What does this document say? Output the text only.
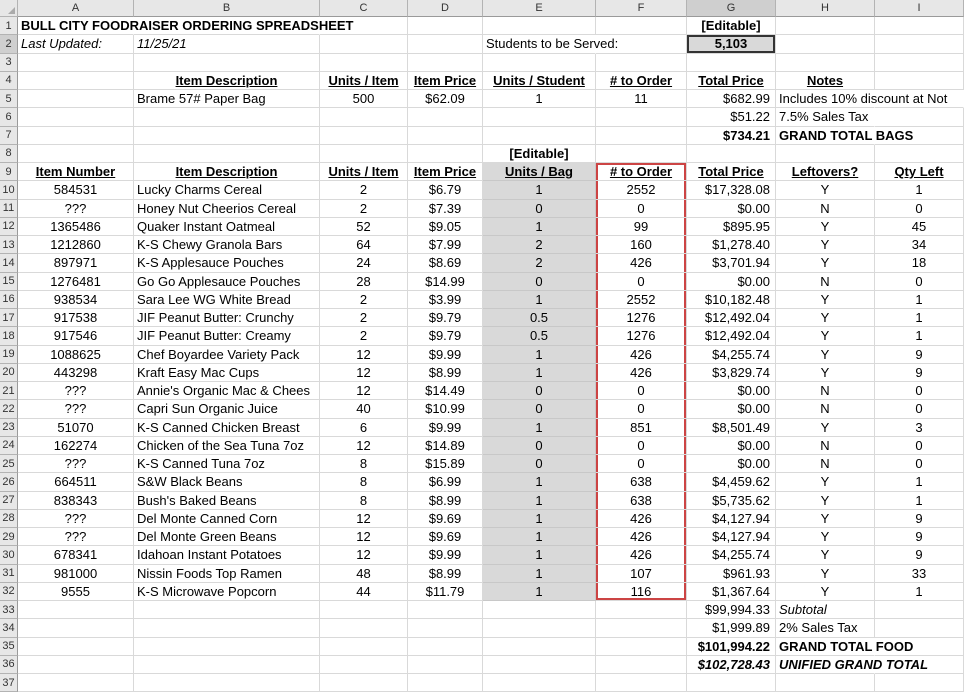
A	B	C	D	E	F	G	H	I
1 BULL CITY FOODRAISER ORDERING SPREADSHEET	[Editable]
2 Last Updated:	11/25/21	Students to be Served:	5,103
3
4	Item Description	Units / Item	Item Price	Units / Student	# to Order	Total Price	Notes
5	Brame 57# Paper Bag	500	$62.09	1	11	$682.99 Includes 10% discount at Not
6	$51.22 7.5% Sales Tax
7	$734.21 GRAND TOTAL BAGS
8	[Editable]
9	Item Number	Item Description	Units / Item	Item Price	Units / Bag	# to Order	Total Price	Leftovers?	Qty Left
10	584531	Lucky Charms Cereal	2	$6.79	1	2552	$17,328.08	Y	1
11	???	Honey Nut Cheerios Cereal	2	$7.39	0	0	$0.00	N	0
12	1365486	Quaker Instant Oatmeal	52	$9.05	1	99	$895.95	Y	45
13	1212860	K-S Chewy Granola Bars	64	$7.99	2	160	$1,278.40	Y	34
14	897971	K-S Applesauce Pouches	24	$8.69	2	426	$3,701.94	Y	18
15	1276481	Go Go Applesauce Pouches	28	$14.99	0	0	$0.00	N	0
16	938534	Sara Lee WG White Bread	2	$3.99	1	2552	$10,182.48	Y	1
17	917538	JIF Peanut Butter: Crunchy	2	$9.79	0.5	1276	$12,492.04	Y	1
18	917546	JIF Peanut Butter: Creamy	2	$9.79	0.5	1276	$12,492.04	Y	1
19	1088625	Chef Boyardee Variety Pack	12	$9.99	1	426	$4,255.74	Y	9
20	443298	Kraft Easy Mac Cups	12	$8.99	1	426	$3,829.74	Y	9
21	???	Annie's Organic Mac & Chees	12	$14.49	0	0	$0.00	N	0
22	???	Capri Sun Organic Juice	40	$10.99	0	0	$0.00	N	0
23	51070	K-S Canned Chicken Breast	6	$9.99	1	851	$8,501.49	Y	3
24	162274	Chicken of the Sea Tuna 7oz	12	$14.89	0	0	$0.00	N	0
25	???	K-S Canned Tuna 7oz	8	$15.89	0	0	$0.00	N	0
26	664511	S&W Black Beans	8	$6.99	1	638	$4,459.62	Y	1
27	838343	Bush's Baked Beans	8	$8.99	1	638	$5,735.62	Y	1
28	???	Del Monte Canned Corn	12	$9.69	1	426	$4,127.94	Y	9
29	???	Del Monte Green Beans	12	$9.69	1	426	$4,127.94	Y	9
30	678341	Idahoan Instant Potatoes	12	$9.99	1	426	$4,255.74	Y	9
31	981000	Nissin Foods Top Ramen	48	$8.99	1	107	$961.93	Y	33
32	9555	K-S Microwave Popcorn	44	$11.79	1	116	$1,367.64	Y	1
33	$99,994.33 Subtotal
34	$1,999.89 2% Sales Tax
35	$101,994.22 GRAND TOTAL FOOD
36	$102,728.43 UNIFIED GRAND TOTAL
37
